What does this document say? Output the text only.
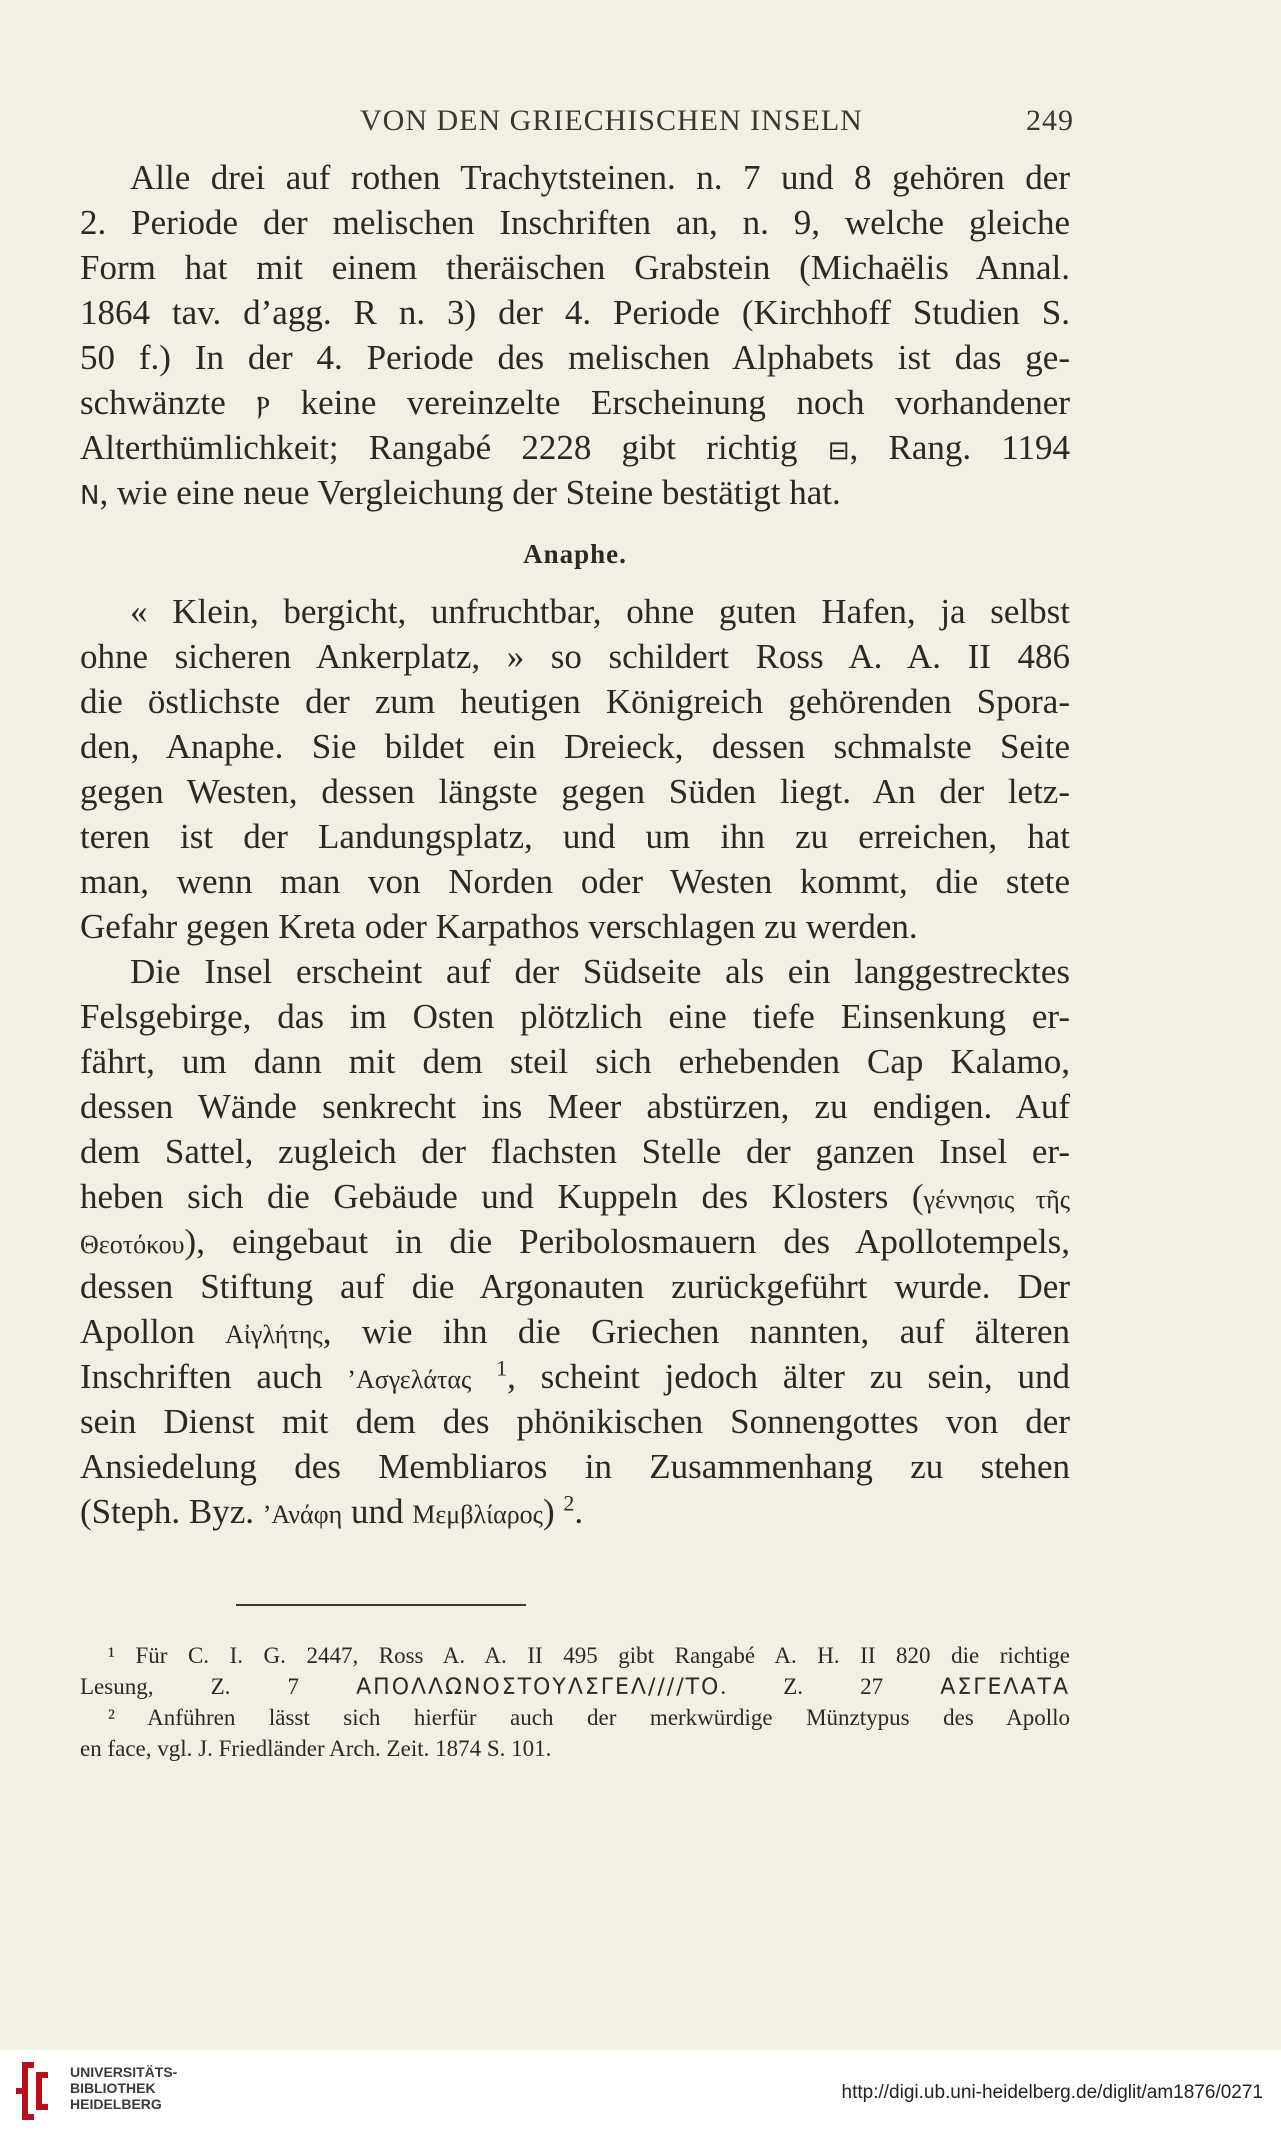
VON DEN GRIECHISCHEN INSELN	249
Alle drei auf rothen Trachytsteinen. n. 7 und 8 gehören der
2. Periode der melischen Inschriften an, n. 9, welche gleiche
Form hat mit einem theräischen Grabstein (Michaëlis Annal.
1864 tav. d’agg. R n. 3) der 4. Periode (Kirchhoff Studien S.
50 f.) In der 4. Periode des melischen Alphabets ist das ge-
schwänzte Ⲣ keine vereinzelte Erscheinung noch vorhandener
Alterthümlichkeit; Rangabé 2228 gibt richtig ⊟, Rang. 1194
Ν, wie eine neue Vergleichung der Steine bestätigt hat.
Anaphe.
« Klein, bergicht, unfruchtbar, ohne guten Hafen, ja selbst
ohne sicheren Ankerplatz, » so schildert Ross A. A. II 486
die östlichste der zum heutigen Königreich gehörenden Spora-
den, Anaphe. Sie bildet ein Dreieck, dessen schmalste Seite
gegen Westen, dessen längste gegen Süden liegt. An der letz-
teren ist der Landungsplatz, und um ihn zu erreichen, hat
man, wenn man von Norden oder Westen kommt, die stete
Gefahr gegen Kreta oder Karpathos verschlagen zu werden.
Die Insel erscheint auf der Südseite als ein langgestrecktes
Felsgebirge, das im Osten plötzlich eine tiefe Einsenkung er-
fährt, um dann mit dem steil sich erhebenden Cap Kalamo,
dessen Wände senkrecht ins Meer abstürzen, zu endigen. Auf
dem Sattel, zugleich der flachsten Stelle der ganzen Insel er-
heben sich die Gebäude und Kuppeln des Klosters (γέννησις τῆς
Θεοτόκου), eingebaut in die Peribolosmauern des Apollotempels,
dessen Stiftung auf die Argonauten zurückgeführt wurde. Der
Apollon Αἰγλήτης, wie ihn die Griechen nannten, auf älteren
Inschriften auch ’Ασγελάτας $^1$, scheint jedoch älter zu sein, und
sein Dienst mit dem des phönikischen Sonnengottes von der
Ansiedelung des Membliaros in Zusammenhang zu stehen
(Steph. Byz. ’Ανάφη und Μεμβλίαρος) $^2$.
¹ Für C. I. G. 2447, Ross A. A. II 495 gibt Rangabé A. H. II 820 die richtige
Lesung, Z. 7	ΑΠΟΛΛΩΝΟΣΤΟΥΛΣΓΕΛ////ΤΟ. Z. 27	ΑΣΓΕΛΑΤΑ
² Anführen lässt sich hierfür auch der merkwürdige Münztypus des Apollo
en face, vgl. J. Friedländer Arch. Zeit. 1874 S. 101.
UNIVERSITÄTS-
BIBLIOTHEK
HEIDELBERG
http://digi.ub.uni-heidelberg.de/diglit/am1876/0271
